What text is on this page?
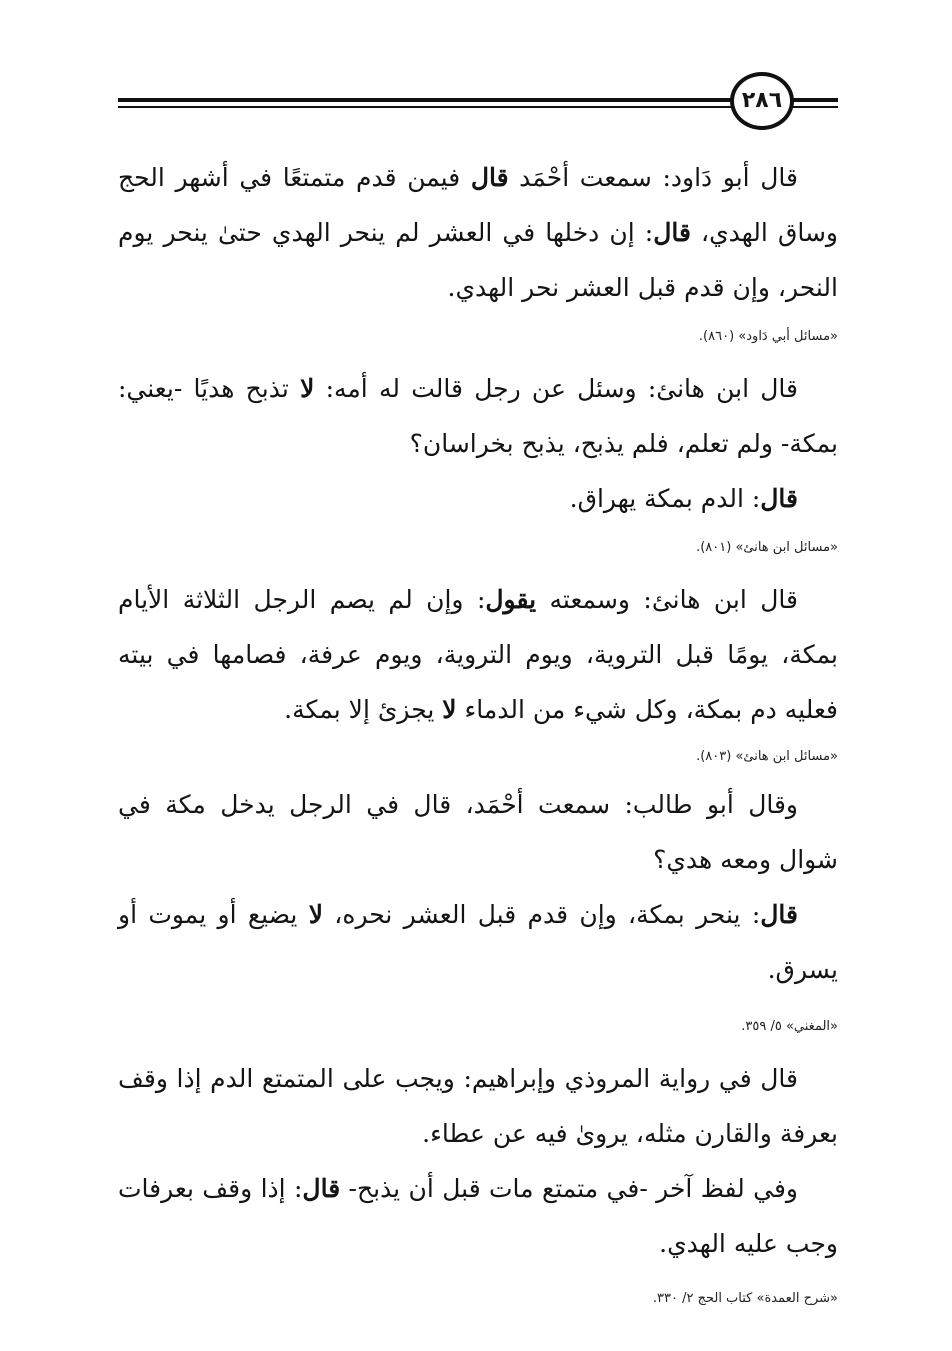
٢٨٦

قال أبو دَاود: سمعت أحْمَد قال فيمن قدم متمتعًا في أشهر الحج وساق الهدي، قال: إن دخلها في العشر لم ينحر الهدي حتىٰ ينحر يوم النحر، وإن قدم قبل العشر نحر الهدي.

«مسائل أبي دَاود» (٨٦٠).

قال ابن هانئ: وسئل عن رجل قالت له أمه: لا تذبح هديًا -يعني: بمكة- ولم تعلم، فلم يذبح، يذبح بخراسان؟

قال: الدم بمكة يهراق.

«مسائل ابن هانئ» (٨٠١).

قال ابن هانئ: وسمعته يقول: وإن لم يصم الرجل الثلاثة الأيام بمكة، يومًا قبل التروية، ويوم التروية، ويوم عرفة، فصامها في بيته فعليه دم بمكة، وكل شيء من الدماء لا يجزئ إلا بمكة.

«مسائل ابن هانئ» (٨٠٣).

وقال أبو طالب: سمعت أحْمَد، قال في الرجل يدخل مكة في شوال ومعه هدي؟

قال: ينحر بمكة، وإن قدم قبل العشر نحره، لا يضيع أو يموت أو يسرق.

«المغني» ٥/ ٣٥٩.

قال في رواية المروذي وإبراهيم: ويجب على المتمتع الدم إذا وقف بعرفة والقارن مثله، يروىٰ فيه عن عطاء.

وفي لفظ آخر -في متمتع مات قبل أن يذبح- قال: إذا وقف بعرفات وجب عليه الهدي.

«شرح العمدة» كتاب الحج ٢/ ٣٣٠.
